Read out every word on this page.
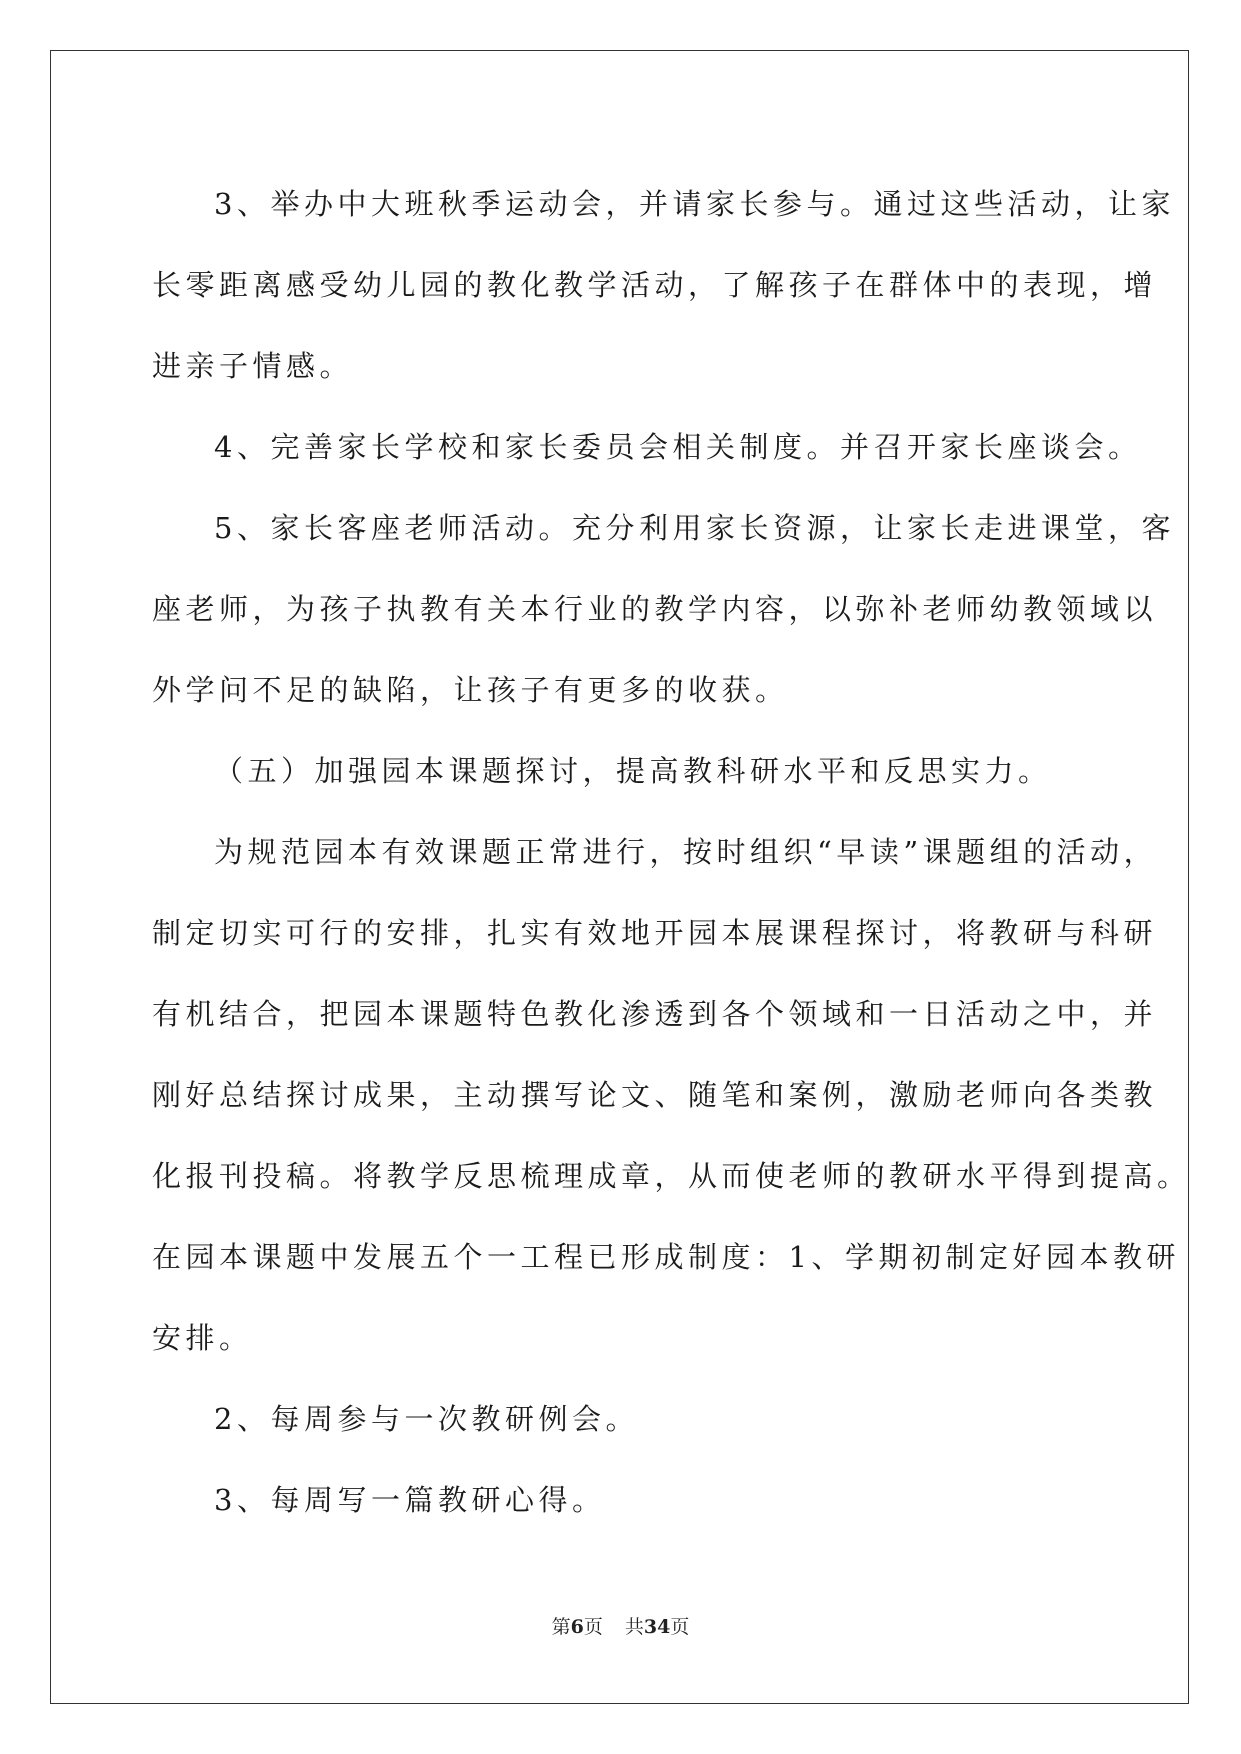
3、举办中大班秋季运动会，并请家长参与。通过这些活动，让家

长零距离感受幼儿园的教化教学活动，了解孩子在群体中的表现，增

进亲子情感。

4、完善家长学校和家长委员会相关制度。并召开家长座谈会。

5、家长客座老师活动。充分利用家长资源，让家长走进课堂，客

座老师，为孩子执教有关本行业的教学内容，以弥补老师幼教领域以

外学问不足的缺陷，让孩子有更多的收获。

（五）加强园本课题探讨，提高教科研水平和反思实力。

为规范园本有效课题正常进行，按时组织“早读”课题组的活动，

制定切实可行的安排，扎实有效地开园本展课程探讨，将教研与科研

有机结合，把园本课题特色教化渗透到各个领域和一日活动之中，并

刚好总结探讨成果，主动撰写论文、随笔和案例，激励老师向各类教

化报刊投稿。将教学反思梳理成章，从而使老师的教研水平得到提高。

在园本课题中发展五个一工程已形成制度：1、学期初制定好园本教研

安排。

2、每周参与一次教研例会。

3、每周写一篇教研心得。

第6页 共34页
